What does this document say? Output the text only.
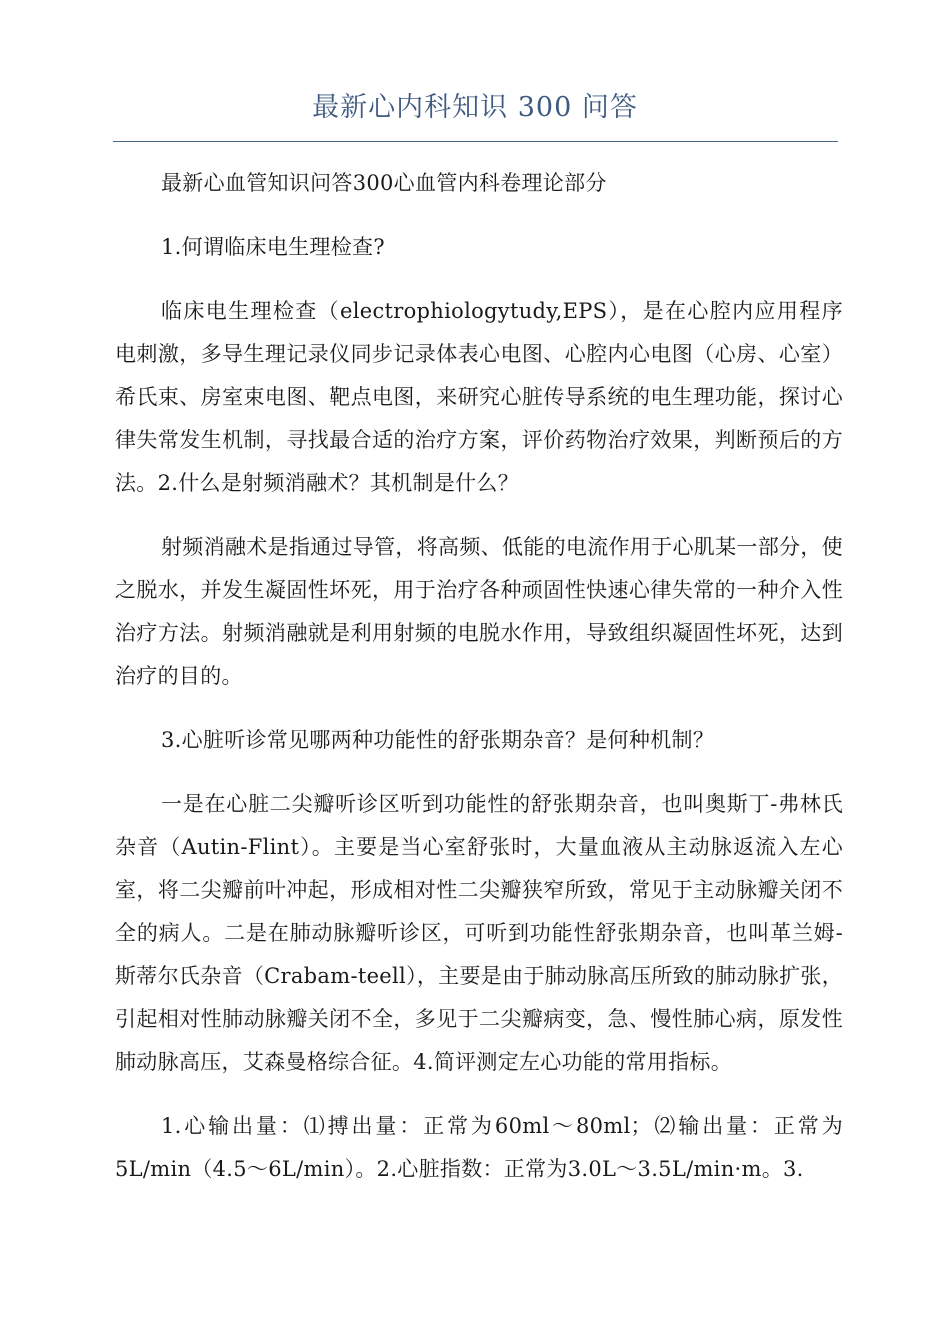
最新心内科知识 300 问答

最新心血管知识问答300心血管内科卷理论部分

1.何谓临床电生理检查?

临床电生理检查（electrophiologytudy,EPS），是在心腔内应用程序电刺激，多导生理记录仪同步记录体表心电图、心腔内心电图（心房、心室）希氏束、房室束电图、靶点电图，来研究心脏传导系统的电生理功能，探讨心律失常发生机制，寻找最合适的治疗方案，评价药物治疗效果，判断预后的方法。2.什么是射频消融术？其机制是什么？

射频消融术是指通过导管，将高频、低能的电流作用于心肌某一部分，使之脱水，并发生凝固性坏死，用于治疗各种顽固性快速心律失常的一种介入性治疗方法。射频消融就是利用射频的电脱水作用，导致组织凝固性坏死，达到治疗的目的。

3.心脏听诊常见哪两种功能性的舒张期杂音？是何种机制？

一是在心脏二尖瓣听诊区听到功能性的舒张期杂音，也叫奥斯丁-弗林氏杂音（Autin-Flint）。主要是当心室舒张时，大量血液从主动脉返流入左心室，将二尖瓣前叶冲起，形成相对性二尖瓣狭窄所致，常见于主动脉瓣关闭不全的病人。二是在肺动脉瓣听诊区，可听到功能性舒张期杂音，也叫革兰姆-斯蒂尔氏杂音（Crabam-teell），主要是由于肺动脉高压所致的肺动脉扩张，引起相对性肺动脉瓣关闭不全，多见于二尖瓣病变，急、慢性肺心病，原发性肺动脉高压，艾森曼格综合征。4.简评测定左心功能的常用指标。

1.心输出量：⑴搏出量：正常为60ml～80ml；⑵输出量：正常为5L/min（4.5～6L/min）。2.心脏指数：正常为3.0L～3.5L/min·m。3.
